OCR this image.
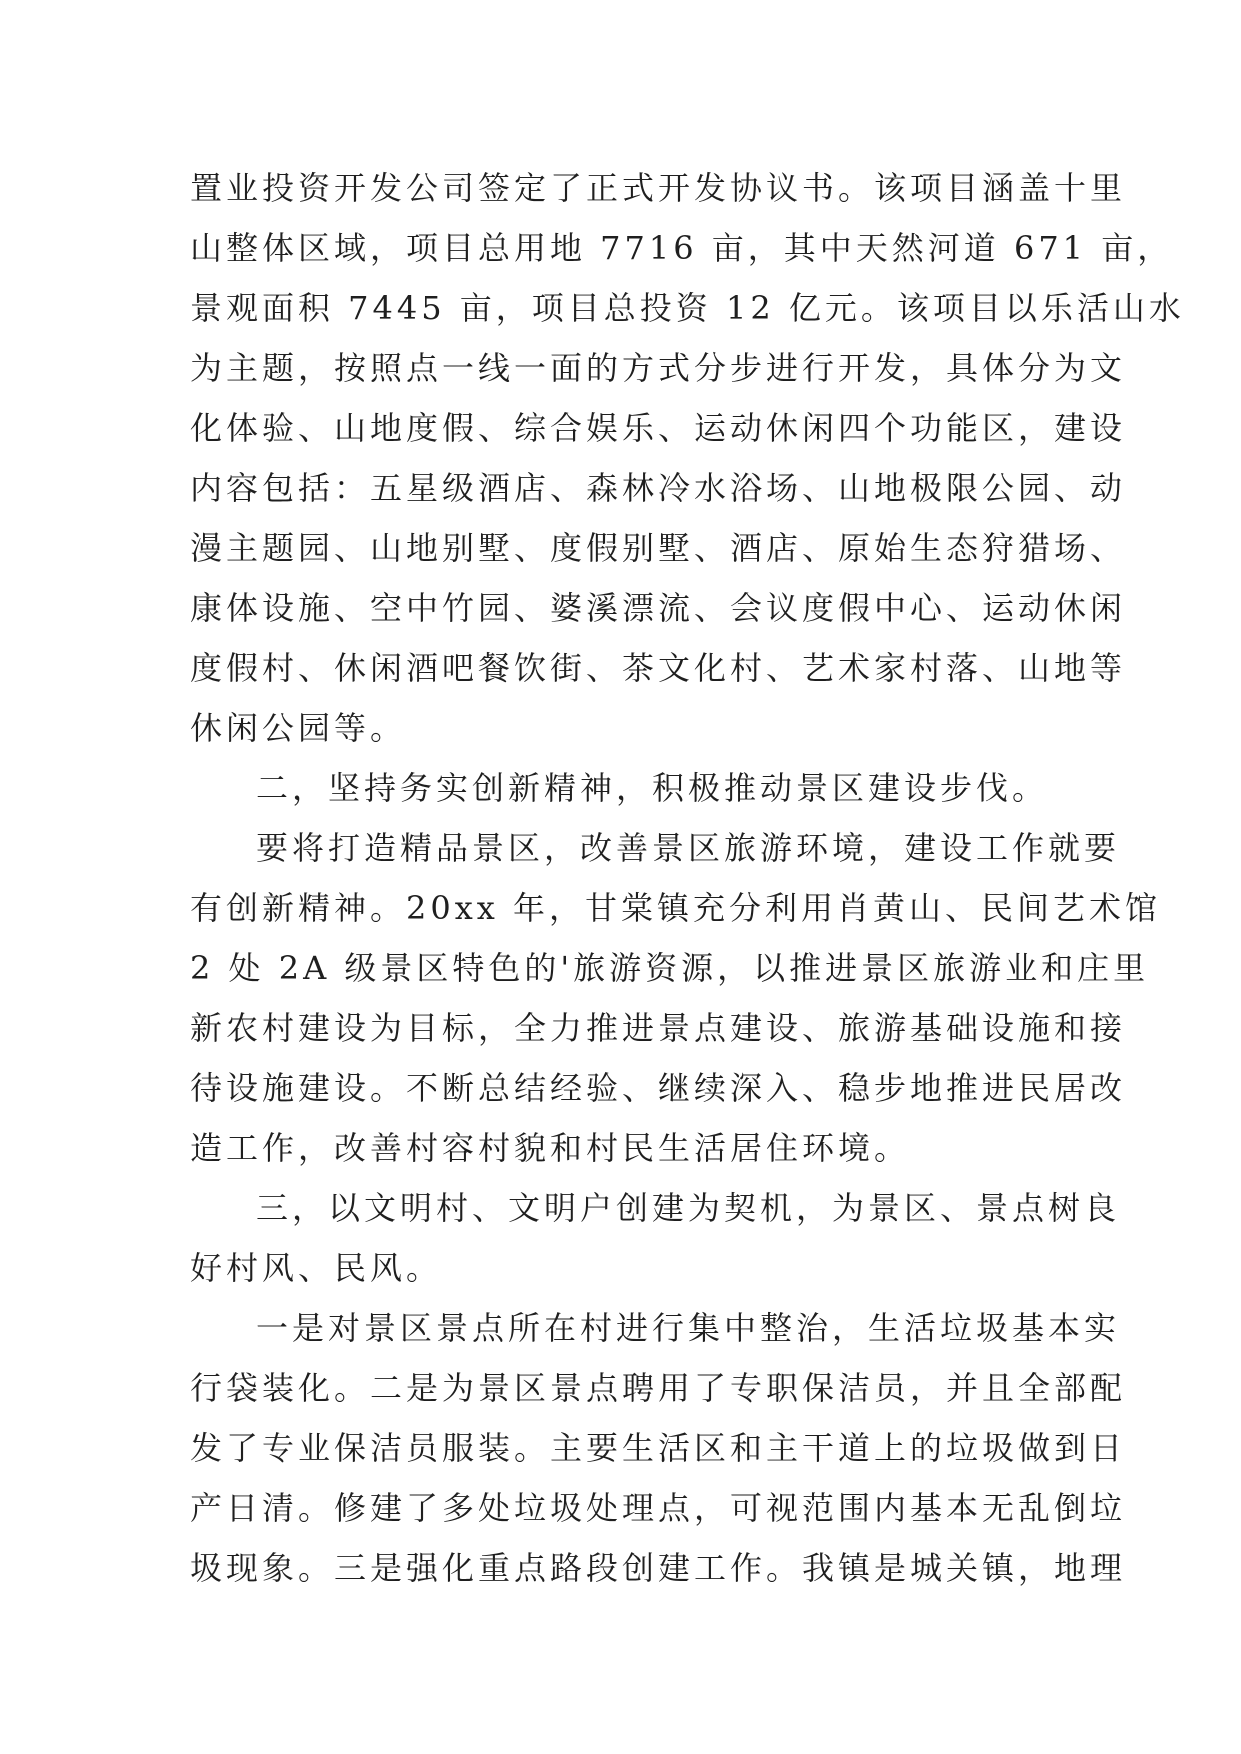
置业投资开发公司签定了正式开发协议书。该项目涵盖十里
山整体区域，项目总用地 7716 亩，其中天然河道 671 亩，
景观面积 7445 亩，项目总投资 12 亿元。该项目以乐活山水
为主题，按照点一线一面的方式分步进行开发，具体分为文
化体验、山地度假、综合娱乐、运动休闲四个功能区，建设
内容包括：五星级酒店、森林冷水浴场、山地极限公园、动
漫主题园、山地别墅、度假别墅、酒店、原始生态狩猎场、
康体设施、空中竹园、婆溪漂流、会议度假中心、运动休闲
度假村、休闲酒吧餐饮街、茶文化村、艺术家村落、山地等
休闲公园等。
二，坚持务实创新精神，积极推动景区建设步伐。
要将打造精品景区，改善景区旅游环境，建设工作就要
有创新精神。20xx 年，甘棠镇充分利用肖黄山、民间艺术馆
2 处 2A 级景区特色的'旅游资源，以推进景区旅游业和庄里
新农村建设为目标，全力推进景点建设、旅游基础设施和接
待设施建设。不断总结经验、继续深入、稳步地推进民居改
造工作，改善村容村貌和村民生活居住环境。
三，以文明村、文明户创建为契机，为景区、景点树良
好村风、民风。
一是对景区景点所在村进行集中整治，生活垃圾基本实
行袋装化。二是为景区景点聘用了专职保洁员，并且全部配
发了专业保洁员服装。主要生活区和主干道上的垃圾做到日
产日清。修建了多处垃圾处理点，可视范围内基本无乱倒垃
圾现象。三是强化重点路段创建工作。我镇是城关镇，地理
